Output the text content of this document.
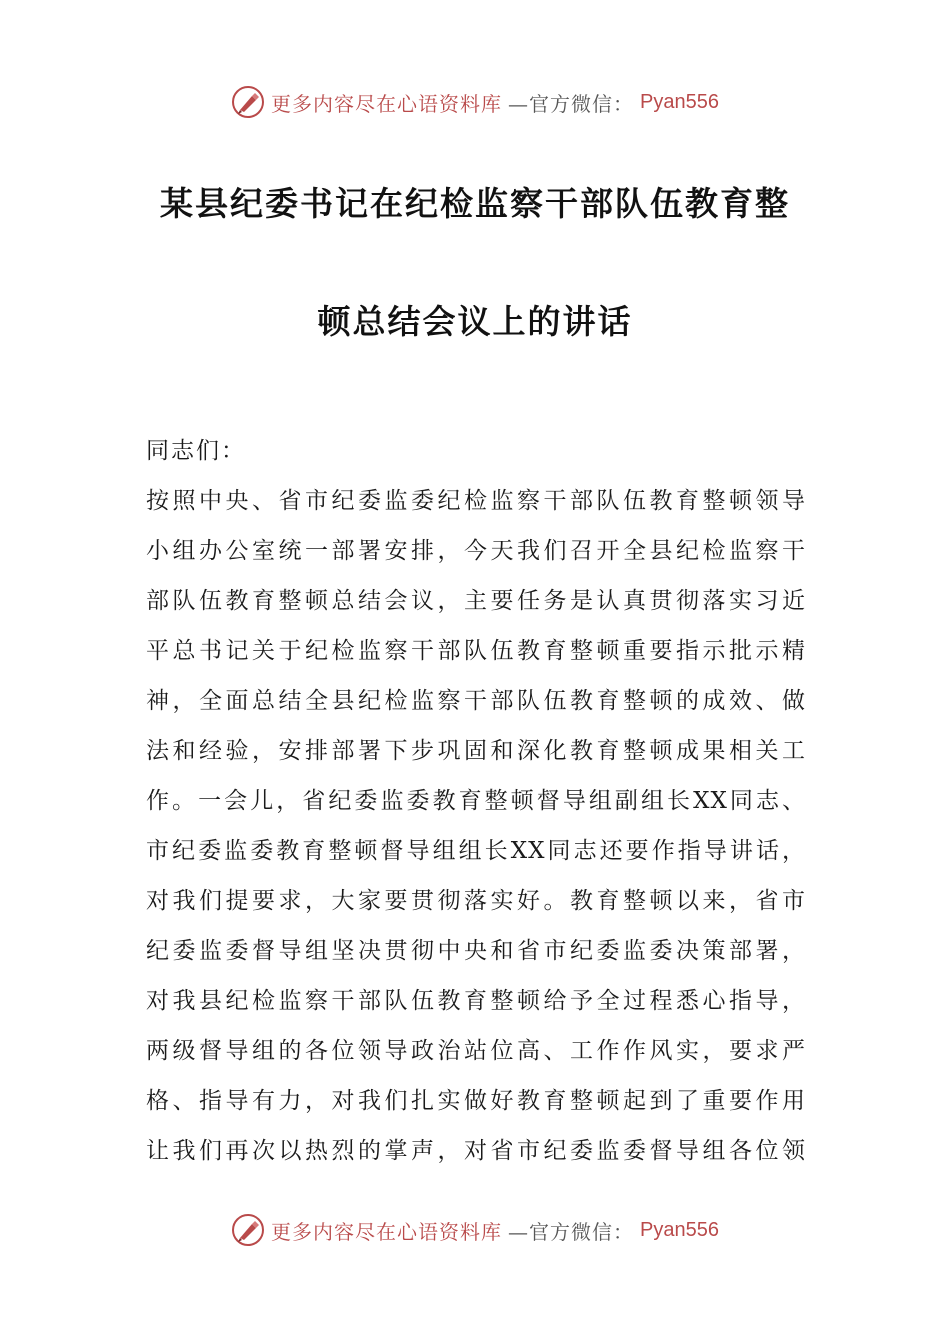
更多内容尽在心语资料库 —官方微信： Pyan556
某县纪委书记在纪检监察干部队伍教育整
顿总结会议上的讲话
同志们：
按照中央、省市纪委监委纪检监察干部队伍教育整顿领导
小组办公室统一部署安排，今天我们召开全县纪检监察干
部队伍教育整顿总结会议，主要任务是认真贯彻落实习近
平总书记关于纪检监察干部队伍教育整顿重要指示批示精
神，全面总结全县纪检监察干部队伍教育整顿的成效、做
法和经验，安排部署下步巩固和深化教育整顿成果相关工
作。一会儿，省纪委监委教育整顿督导组副组长XX同志、
市纪委监委教育整顿督导组组长XX同志还要作指导讲话，
对我们提要求，大家要贯彻落实好。教育整顿以来，省市
纪委监委督导组坚决贯彻中央和省市纪委监委决策部署，
对我县纪检监察干部队伍教育整顿给予全过程悉心指导，
两级督导组的各位领导政治站位高、工作作风实，要求严
格、指导有力，对我们扎实做好教育整顿起到了重要作用
让我们再次以热烈的掌声，对省市纪委监委督导组各位领
更多内容尽在心语资料库 —官方微信： Pyan556
